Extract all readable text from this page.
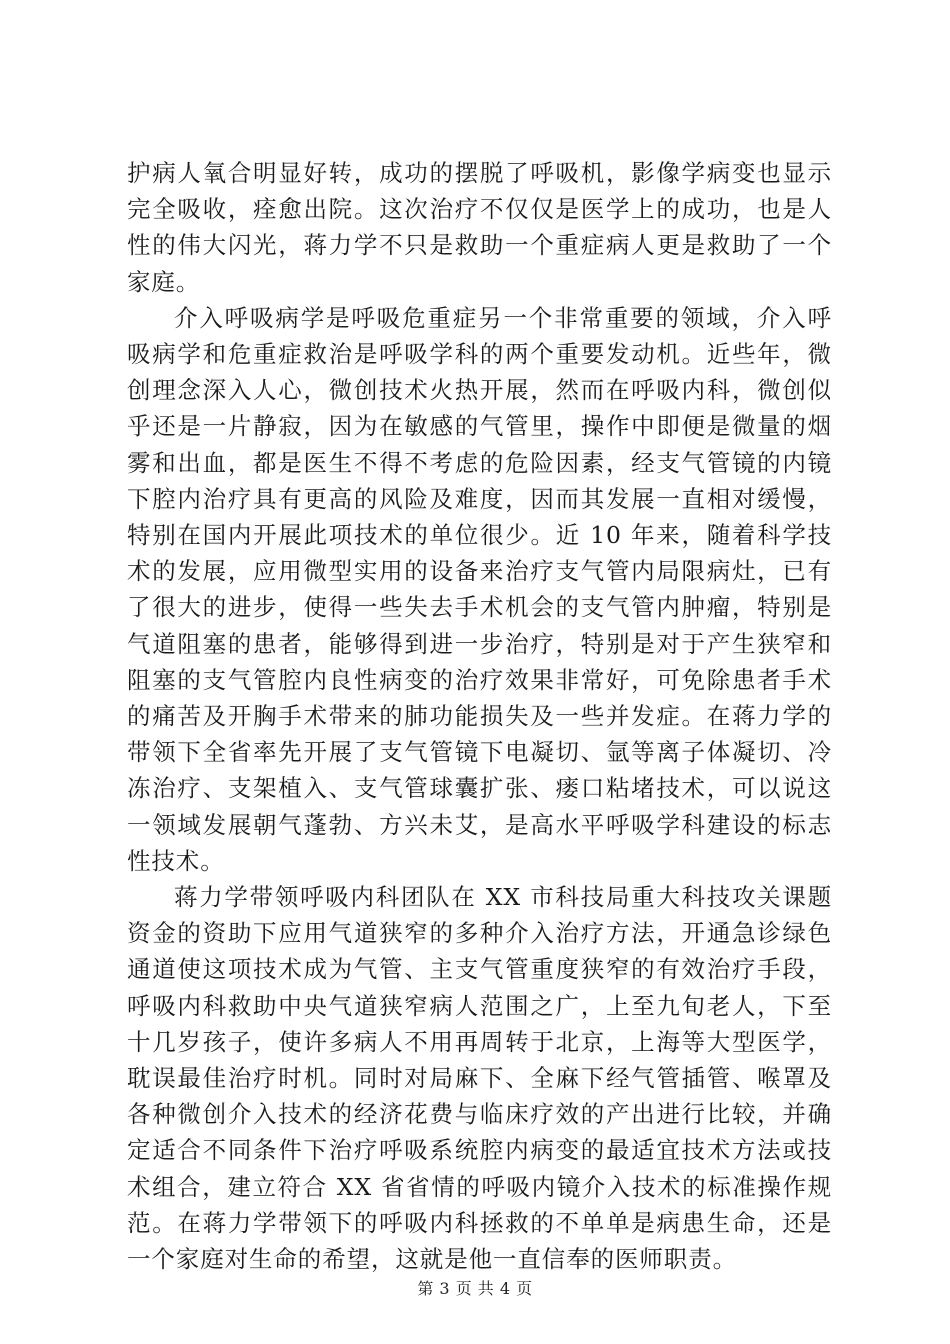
护病人氧合明显好转，成功的摆脱了呼吸机，影像学病变也显示完全吸收，痊愈出院。这次治疗不仅仅是医学上的成功，也是人性的伟大闪光，蒋力学不只是救助一个重症病人更是救助了一个家庭。

介入呼吸病学是呼吸危重症另一个非常重要的领域，介入呼吸病学和危重症救治是呼吸学科的两个重要发动机。近些年，微创理念深入人心，微创技术火热开展，然而在呼吸内科，微创似乎还是一片静寂，因为在敏感的气管里，操作中即便是微量的烟雾和出血，都是医生不得不考虑的危险因素，经支气管镜的内镜下腔内治疗具有更高的风险及难度，因而其发展一直相对缓慢，特别在国内开展此项技术的单位很少。近 10 年来，随着科学技术的发展，应用微型实用的设备来治疗支气管内局限病灶，已有了很大的进步，使得一些失去手术机会的支气管内肿瘤，特别是气道阻塞的患者，能够得到进一步治疗，特别是对于产生狭窄和阻塞的支气管腔内良性病变的治疗效果非常好，可免除患者手术的痛苦及开胸手术带来的肺功能损失及一些并发症。在蒋力学的带领下全省率先开展了支气管镜下电凝切、氩等离子体凝切、冷冻治疗、支架植入、支气管球囊扩张、瘘口粘堵技术，可以说这一领域发展朝气蓬勃、方兴未艾，是高水平呼吸学科建设的标志性技术。

蒋力学带领呼吸内科团队在 XX 市科技局重大科技攻关课题资金的资助下应用气道狭窄的多种介入治疗方法，开通急诊绿色通道使这项技术成为气管、主支气管重度狭窄的有效治疗手段，呼吸内科救助中央气道狭窄病人范围之广，上至九旬老人，下至十几岁孩子，使许多病人不用再周转于北京，上海等大型医学，耽误最佳治疗时机。同时对局麻下、全麻下经气管插管、喉罩及各种微创介入技术的经济花费与临床疗效的产出进行比较，并确定适合不同条件下治疗呼吸系统腔内病变的最适宜技术方法或技术组合，建立符合 XX 省省情的呼吸内镜介入技术的标准操作规范。在蒋力学带领下的呼吸内科拯救的不单单是病患生命，还是一个家庭对生命的希望，这就是他一直信奉的医师职责。

第 3 页 共 4 页
